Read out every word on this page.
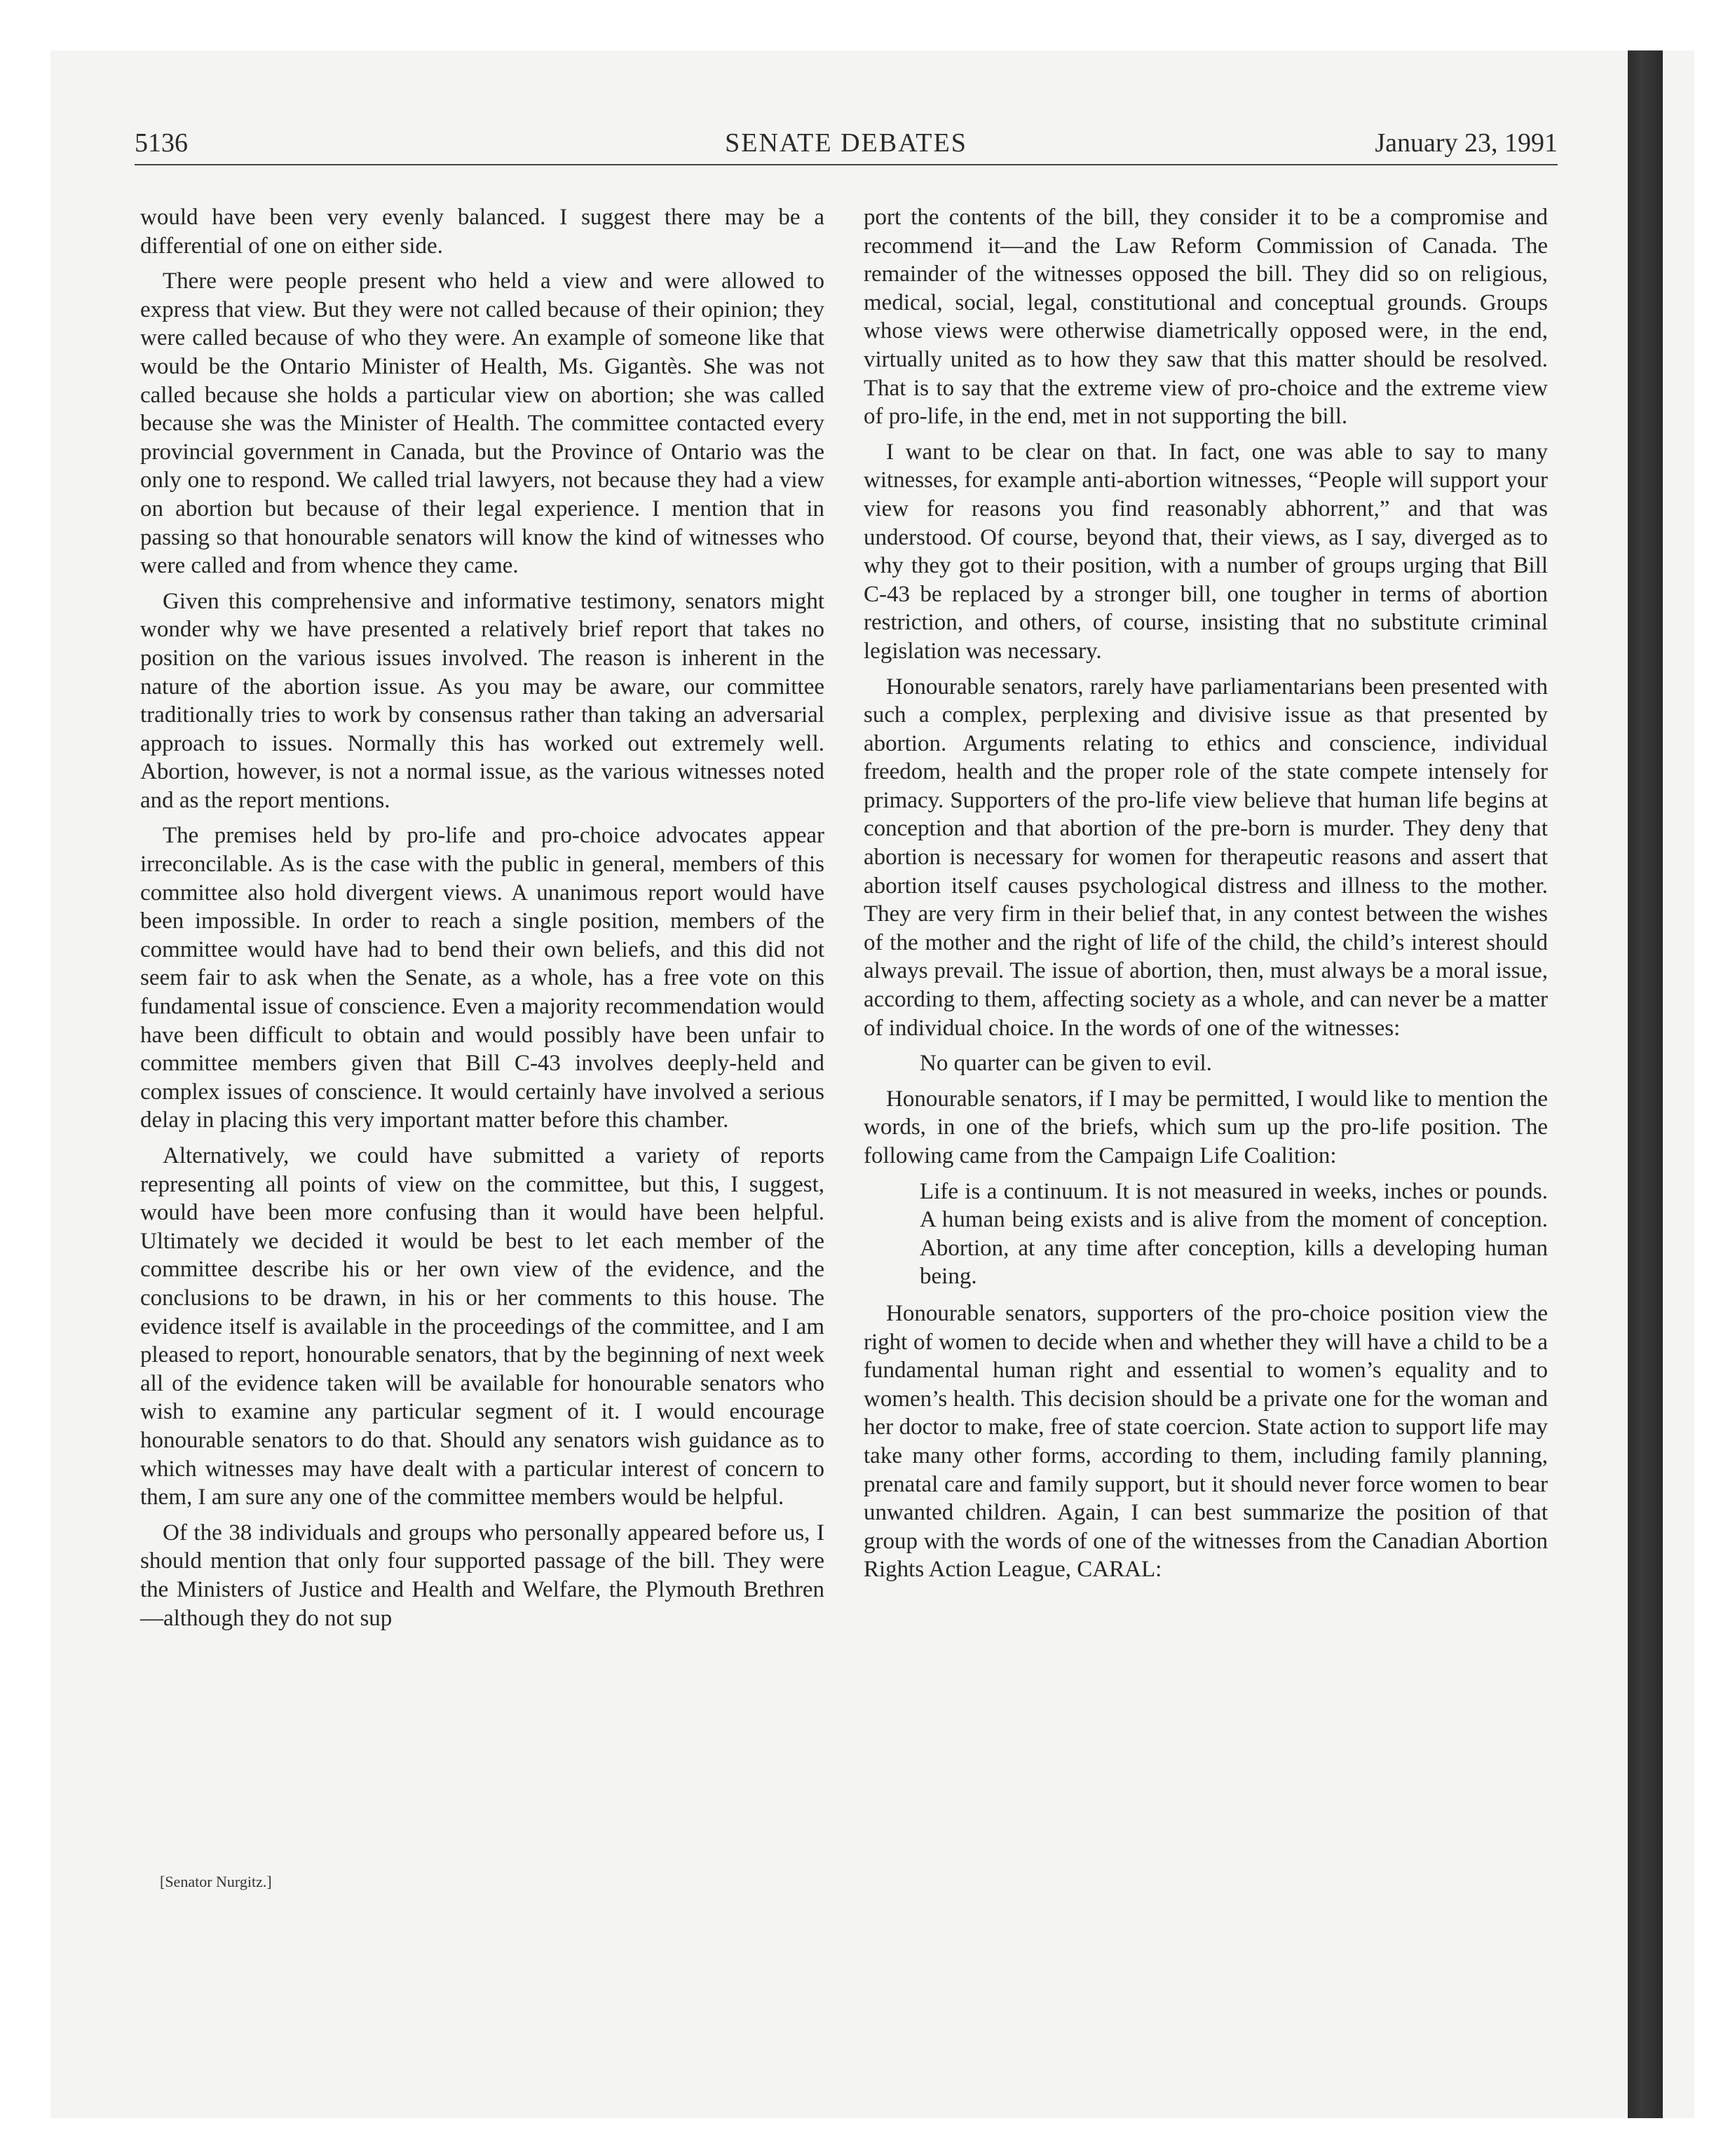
5136	SENATE DEBATES	January 23, 1991

would have been very evenly balanced. I suggest there may be a differential of one on either side.

There were people present who held a view and were allowed to express that view. But they were not called because of their opinion; they were called because of who they were. An example of someone like that would be the Ontario Minister of Health, Ms. Gigantès. She was not called because she holds a particular view on abortion; she was called because she was the Minister of Health. The committee contacted every provincial government in Canada, but the Province of Ontario was the only one to respond. We called trial lawyers, not because they had a view on abortion but because of their legal experience. I mention that in passing so that honourable senators will know the kind of witnesses who were called and from whence they came.

Given this comprehensive and informative testimony, senators might wonder why we have presented a relatively brief report that takes no position on the various issues involved. The reason is inherent in the nature of the abortion issue. As you may be aware, our committee traditionally tries to work by consensus rather than taking an adversarial approach to issues. Normally this has worked out extremely well. Abortion, however, is not a normal issue, as the various witnesses noted and as the report mentions.

The premises held by pro-life and pro-choice advocates appear irreconcilable. As is the case with the public in general, members of this committee also hold divergent views. A unanimous report would have been impossible. In order to reach a single position, members of the committee would have had to bend their own beliefs, and this did not seem fair to ask when the Senate, as a whole, has a free vote on this fundamental issue of conscience. Even a majority recommendation would have been difficult to obtain and would possibly have been unfair to committee members given that Bill C-43 involves deeply-held and complex issues of conscience. It would certainly have involved a serious delay in placing this very important matter before this chamber.

Alternatively, we could have submitted a variety of reports representing all points of view on the committee, but this, I suggest, would have been more confusing than it would have been helpful. Ultimately we decided it would be best to let each member of the committee describe his or her own view of the evidence, and the conclusions to be drawn, in his or her comments to this house. The evidence itself is available in the proceedings of the committee, and I am pleased to report, honourable senators, that by the beginning of next week all of the evidence taken will be available for honourable senators who wish to examine any particular segment of it. I would encourage honourable senators to do that. Should any senators wish guidance as to which witnesses may have dealt with a particular interest of concern to them, I am sure any one of the committee members would be helpful.

Of the 38 individuals and groups who personally appeared before us, I should mention that only four supported passage of the bill. They were the Ministers of Justice and Health and Welfare, the Plymouth Brethren—although they do not sup

[Senator Nurgitz.]

port the contents of the bill, they consider it to be a compromise and recommend it—and the Law Reform Commission of Canada. The remainder of the witnesses opposed the bill. They did so on religious, medical, social, legal, constitutional and conceptual grounds. Groups whose views were otherwise diametrically opposed were, in the end, virtually united as to how they saw that this matter should be resolved. That is to say that the extreme view of pro-choice and the extreme view of pro-life, in the end, met in not supporting the bill.

I want to be clear on that. In fact, one was able to say to many witnesses, for example anti-abortion witnesses, “People will support your view for reasons you find reasonably abhorrent,” and that was understood. Of course, beyond that, their views, as I say, diverged as to why they got to their position, with a number of groups urging that Bill C-43 be replaced by a stronger bill, one tougher in terms of abortion restriction, and others, of course, insisting that no substitute criminal legislation was necessary.

Honourable senators, rarely have parliamentarians been presented with such a complex, perplexing and divisive issue as that presented by abortion. Arguments relating to ethics and conscience, individual freedom, health and the proper role of the state compete intensely for primacy. Supporters of the pro-life view believe that human life begins at conception and that abortion of the pre-born is murder. They deny that abortion is necessary for women for therapeutic reasons and assert that abortion itself causes psychological distress and illness to the mother. They are very firm in their belief that, in any contest between the wishes of the mother and the right of life of the child, the child’s interest should always prevail. The issue of abortion, then, must always be a moral issue, according to them, affecting society as a whole, and can never be a matter of individual choice. In the words of one of the witnesses:

No quarter can be given to evil.

Honourable senators, if I may be permitted, I would like to mention the words, in one of the briefs, which sum up the pro-life position. The following came from the Campaign Life Coalition:

Life is a continuum. It is not measured in weeks, inches or pounds. A human being exists and is alive from the moment of conception. Abortion, at any time after conception, kills a developing human being.

Honourable senators, supporters of the pro-choice position view the right of women to decide when and whether they will have a child to be a fundamental human right and essential to women’s equality and to women’s health. This decision should be a private one for the woman and her doctor to make, free of state coercion. State action to support life may take many other forms, according to them, including family planning, prenatal care and family support, but it should never force women to bear unwanted children. Again, I can best summarize the position of that group with the words of one of the witnesses from the Canadian Abortion Rights Action League, CARAL:
